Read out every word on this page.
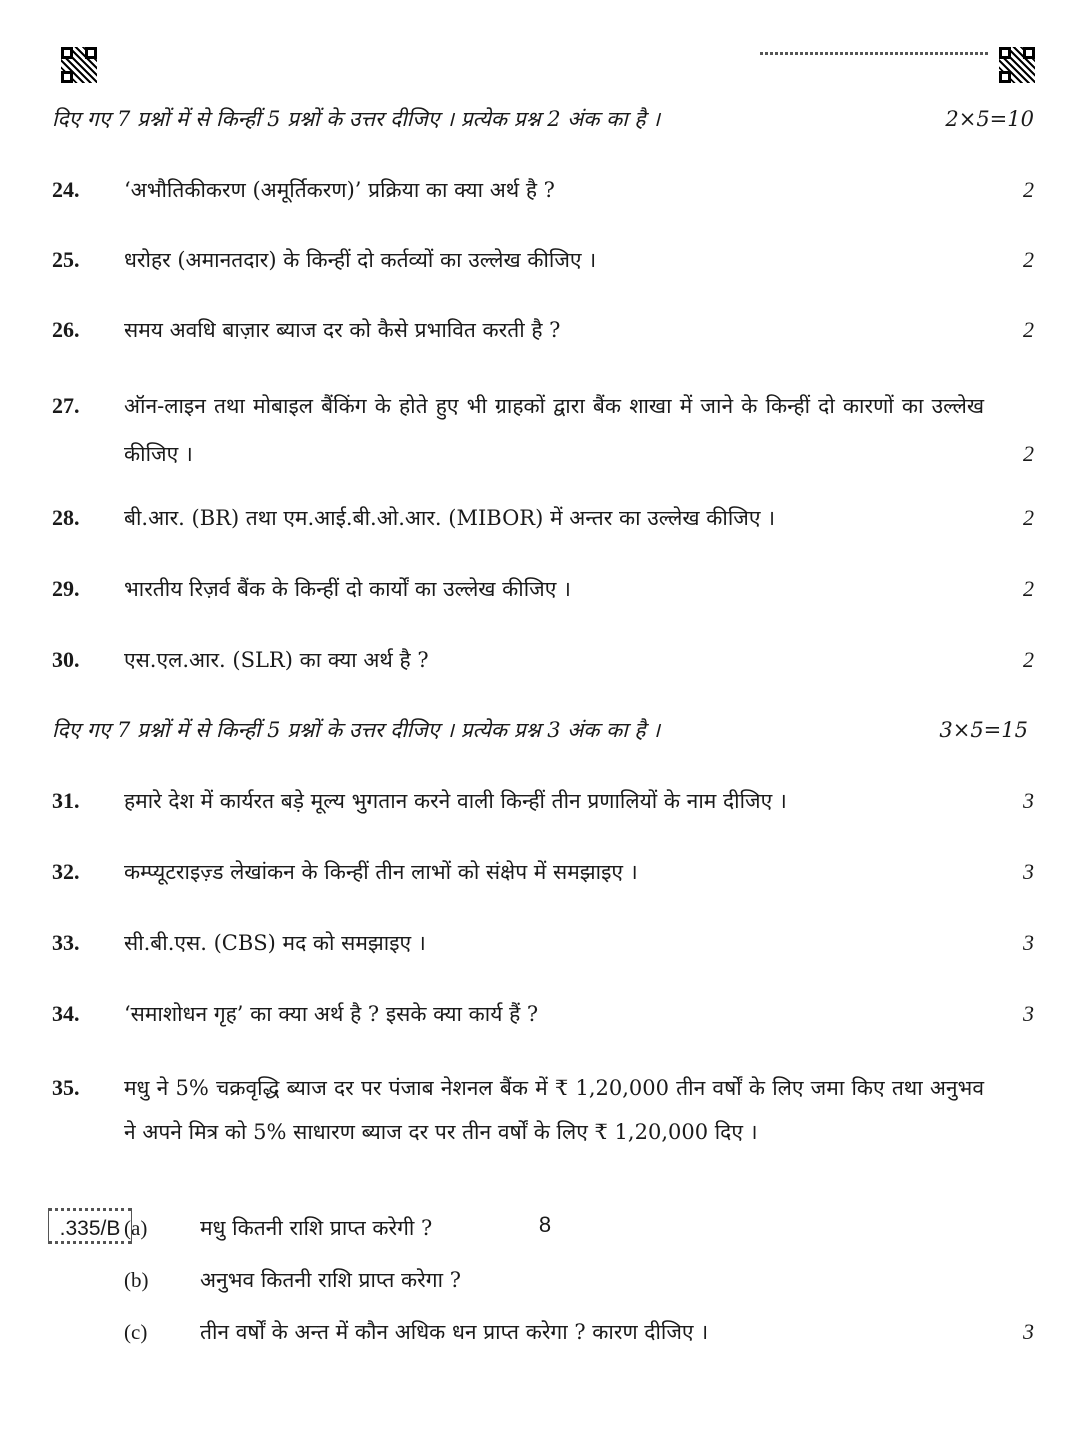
दिए गए 7 प्रश्नों में से किन्हीं 5 प्रश्नों के उत्तर दीजिए । प्रत्येक प्रश्न 2 अंक का है ।	2×5=10
24. ‘अभौतिकीकरण (अमूर्तिकरण)’ प्रक्रिया का क्या अर्थ है ?	2
25. धरोहर (अमानतदार) के किन्हीं दो कर्तव्यों का उल्लेख कीजिए ।	2
26. समय अवधि बाज़ार ब्याज दर को कैसे प्रभावित करती है ?	2
27. ऑन-लाइन तथा मोबाइल बैंकिंग के होते हुए भी ग्राहकों द्वारा बैंक शाखा में जाने के किन्हीं दो कारणों का उल्लेख कीजिए ।	2
28. बी.आर. (BR) तथा एम.आई.बी.ओ.आर. (MIBOR) में अन्तर का उल्लेख कीजिए ।	2
29. भारतीय रिज़र्व बैंक के किन्हीं दो कार्यों का उल्लेख कीजिए ।	2
30. एस.एल.आर. (SLR) का क्या अर्थ है ?	2
दिए गए 7 प्रश्नों में से किन्हीं 5 प्रश्नों के उत्तर दीजिए । प्रत्येक प्रश्न 3 अंक का है ।	3×5=15
31. हमारे देश में कार्यरत बड़े मूल्य भुगतान करने वाली किन्हीं तीन प्रणालियों के नाम दीजिए ।	3
32. कम्प्यूटराइज़्ड लेखांकन के किन्हीं तीन लाभों को संक्षेप में समझाइए ।	3
33. सी.बी.एस. (CBS) मद को समझाइए ।	3
34. ‘समाशोधन गृह’ का क्या अर्थ है ? इसके क्या कार्य हैं ?	3
35. मधु ने 5% चक्रवृद्धि ब्याज दर पर पंजाब नेशनल बैंक में ₹ 1,20,000 तीन वर्षों के लिए जमा किए तथा अनुभव ने अपने मित्र को 5% साधारण ब्याज दर पर तीन वर्षों के लिए ₹ 1,20,000 दिए ।
(a)	मधु कितनी राशि प्राप्त करेगी ?
(b) अनुभव कितनी राशि प्राप्त करेगा ?
(c)	तीन वर्षों के अन्त में कौन अधिक धन प्राप्त करेगा ? कारण दीजिए ।	3
.335/B	8
